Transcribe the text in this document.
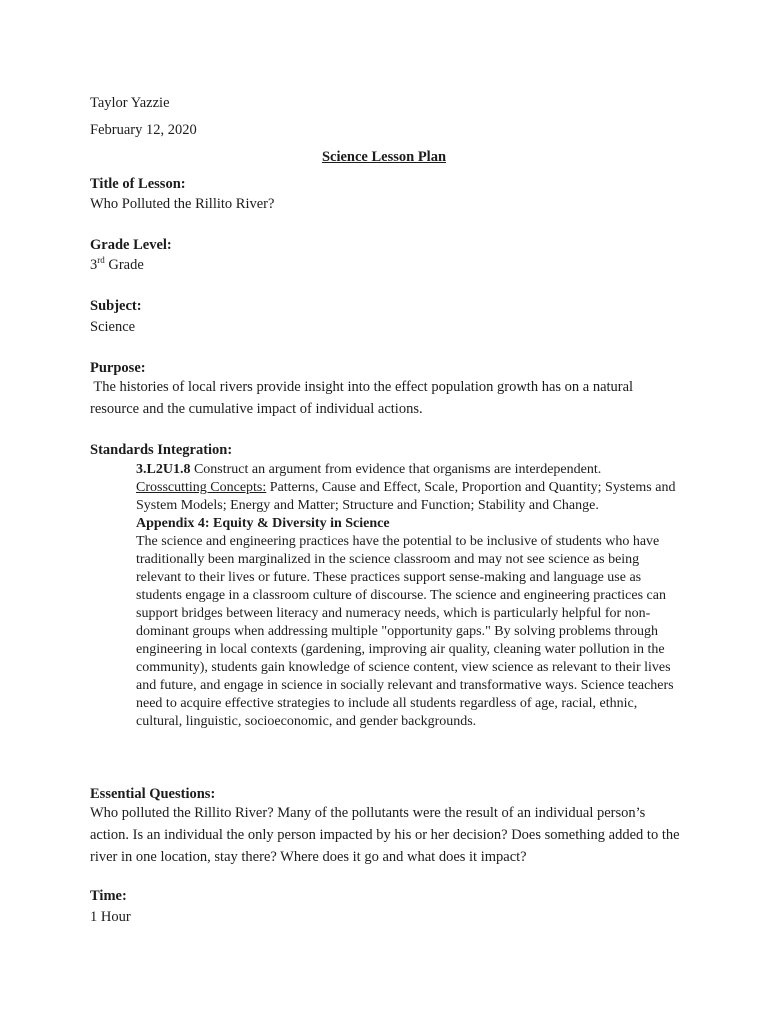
Taylor Yazzie
February 12, 2020
Science Lesson Plan
Title of Lesson:
Who Polluted the Rillito River?
Grade Level:
3rd Grade
Subject:
Science
Purpose:
The histories of local rivers provide insight into the effect population growth has on a natural
resource and the cumulative impact of individual actions.
Standards Integration:
3.L2U1.8 Construct an argument from evidence that organisms are interdependent.
Crosscutting Concepts: Patterns, Cause and Effect, Scale, Proportion and Quantity; Systems and System Models; Energy and Matter; Structure and Function; Stability and Change.
Appendix 4: Equity & Diversity in Science
The science and engineering practices have the potential to be inclusive of students who have traditionally been marginalized in the science classroom and may not see science as being relevant to their lives or future. These practices support sense-making and language use as students engage in a classroom culture of discourse. The science and engineering practices can support bridges between literacy and numeracy needs, which is particularly helpful for non-dominant groups when addressing multiple "opportunity gaps." By solving problems through engineering in local contexts (gardening, improving air quality, cleaning water pollution in the community), students gain knowledge of science content, view science as relevant to their lives and future, and engage in science in socially relevant and transformative ways. Science teachers need to acquire effective strategies to include all students regardless of age, racial, ethnic, cultural, linguistic, socioeconomic, and gender backgrounds.
Essential Questions:
Who polluted the Rillito River? Many of the pollutants were the result of an individual person’s action. Is an individual the only person impacted by his or her decision? Does something added to the river in one location, stay there? Where does it go and what does it impact?
Time:
1 Hour
